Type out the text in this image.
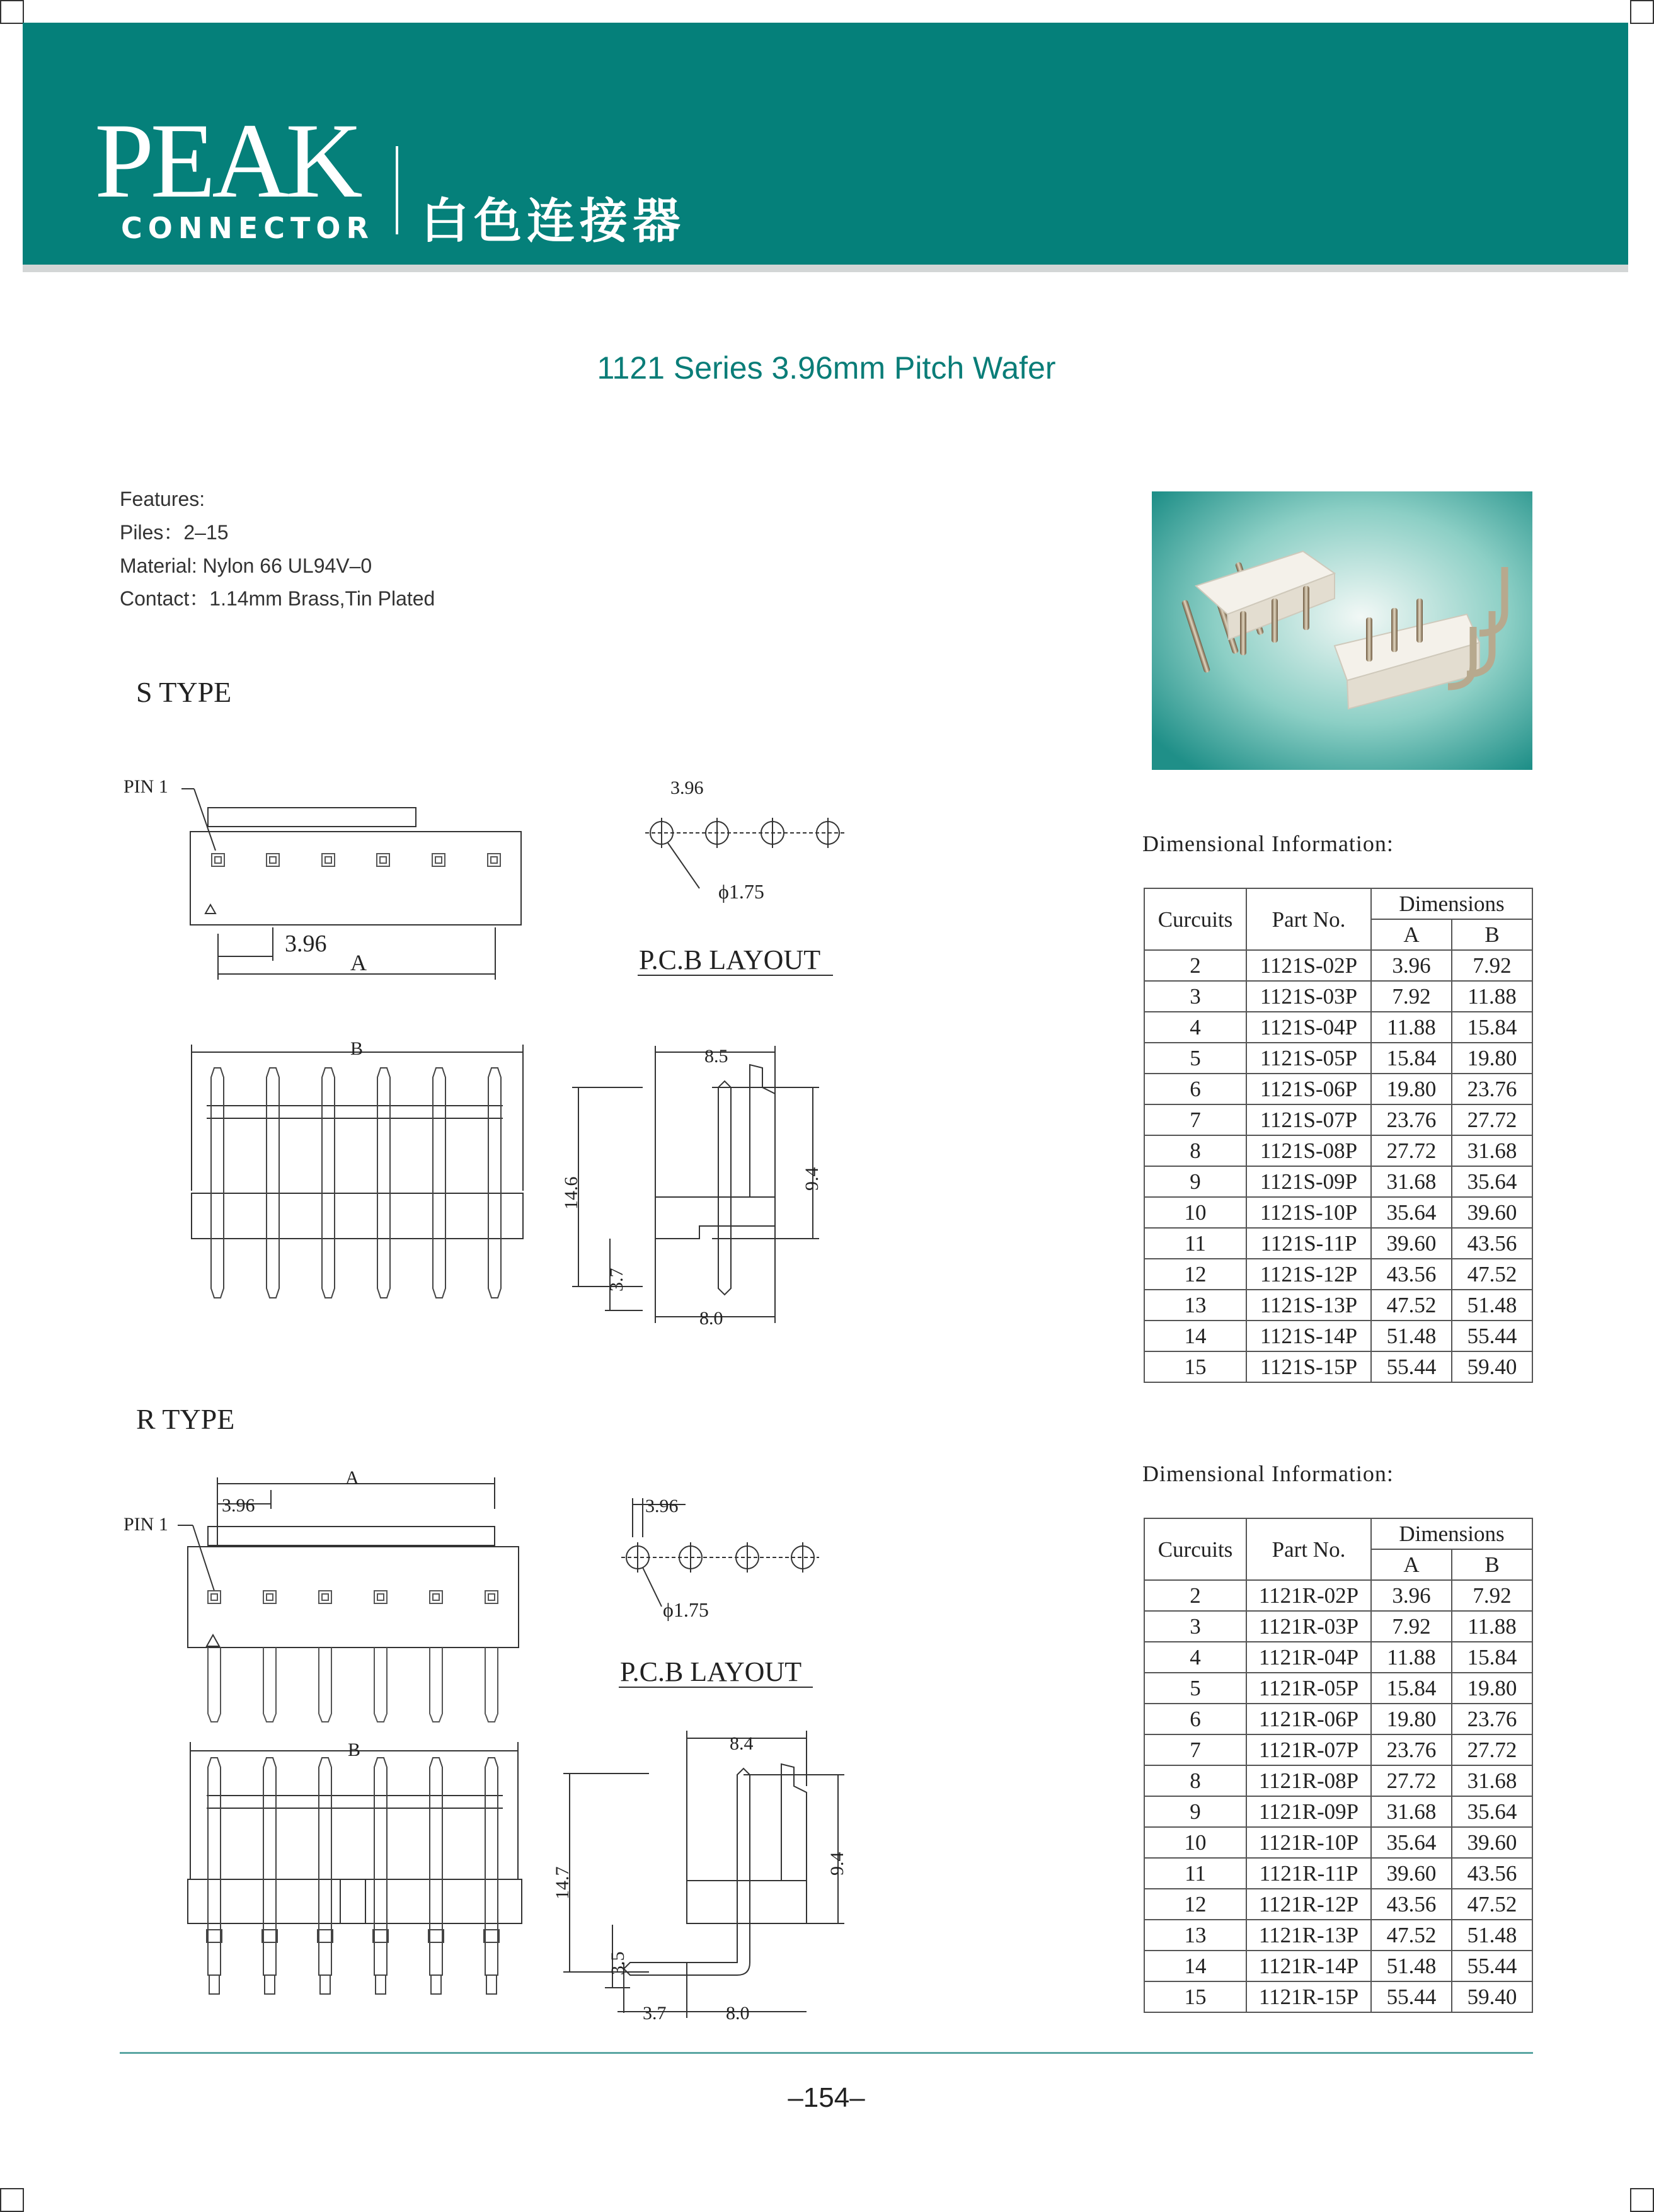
PEAK
CONNECTOR 白色连接器
1121 Series 3.96mm Pitch Wafer
Features:
Piles：2–15
Material: Nylon 66 UL94V–0
Contact：1.14mm Brass,Tin Plated
S TYPE
R TYPE
PIN 1
3.96
A
3.96
ϕ1.75
P.C.B LAYOUT
B	8.5
14.6	9.4
3.7
8.0
A
3.96
PIN 1
3.96
ϕ1.75
P.C.B LAYOUT
B	8.4
14.7
9.4
3.5
3.7	8.0
Dimensional Information:
Curcuits	Part No.	Dimensions	
		A	B
2	1121S-02P	3.96	7.92
3	1121S-03P	7.92	11.88
4	1121S-04P	11.88	15.84
5	1121S-05P	15.84	19.80
6	1121S-06P	19.80	23.76
7	1121S-07P	23.76	27.72
8	1121S-08P	27.72	31.68
9	1121S-09P	31.68	35.64
10	1121S-10P	35.64	39.60
11	1121S-11P	39.60	43.56
12	1121S-12P	43.56	47.52
13	1121S-13P	47.52	51.48
14	1121S-14P	51.48	55.44
15	1121S-15P	55.44	59.40
Dimensional Information:
Curcuits	Part No.	Dimensions	
		A	B
2	1121R-02P	3.96	7.92
3	1121R-03P	7.92	11.88
4	1121R-04P	11.88	15.84
5	1121R-05P	15.84	19.80
6	1121R-06P	19.80	23.76
7	1121R-07P	23.76	27.72
8	1121R-08P	27.72	31.68
9	1121R-09P	31.68	35.64
10	1121R-10P	35.64	39.60
11	1121R-11P	39.60	43.56
12	1121R-12P	43.56	47.52
13	1121R-13P	47.52	51.48
14	1121R-14P	51.48	55.44
15	1121R-15P	55.44	59.40
–154–
